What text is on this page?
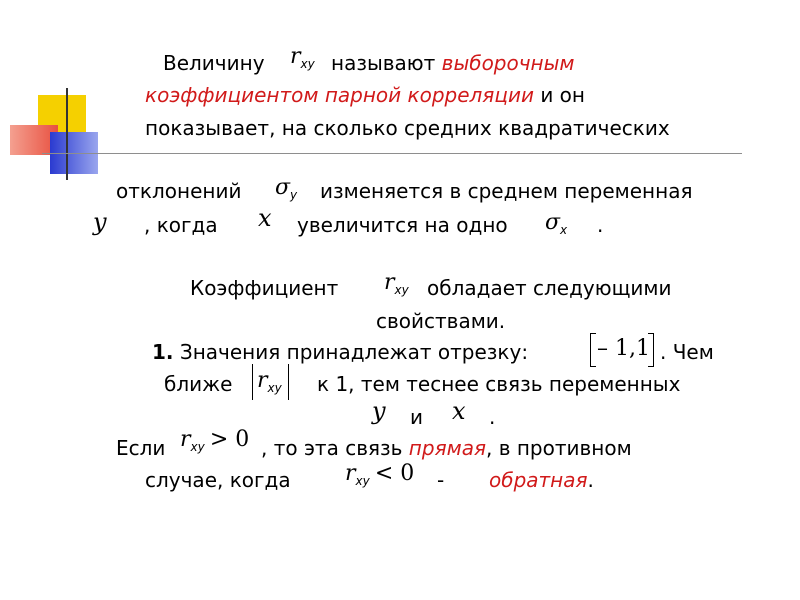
Величину $r_{xy}$ называют выборочным
коэффициентом парной корреляции и он
показывает, на сколько средних квадратических
отклонений $\sigma_y$ изменяется в среднем переменная
y , когда x увеличится на одно $\sigma_x$ .
Коэффициент $r_{xy}$ обладает следующими
свойствами.
1. Значения принадлежат отрезку:	– 1,1 . Чем
ближе $r_{xy}$ к 1, тем теснее связь переменных
y и x .
Если $r_{xy} > 0$ , то эта связь прямая, в противном
случае, когда $r_{xy} < 0$ - обратная.
